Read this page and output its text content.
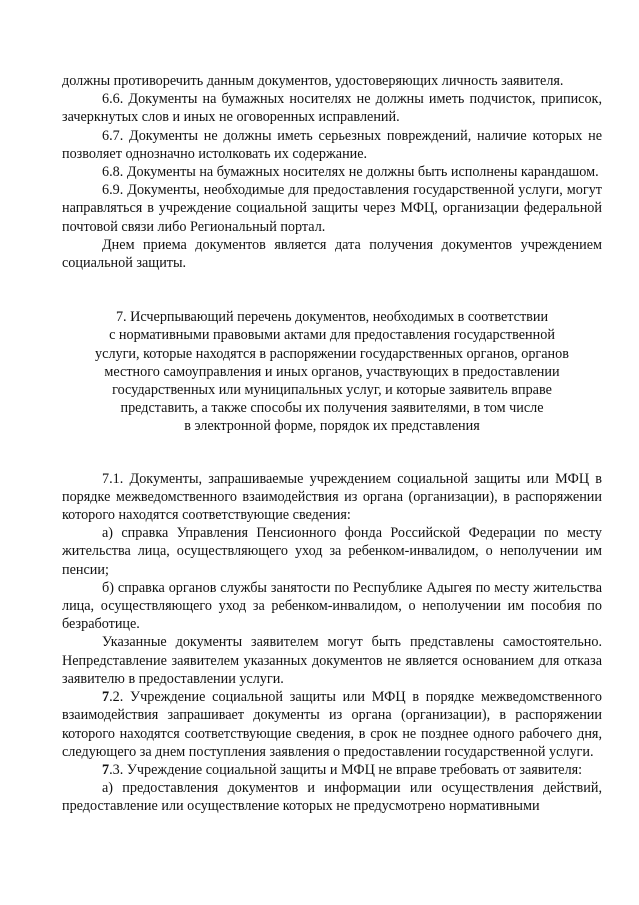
должны противоречить данным документов, удостоверяющих личность заявителя.

6.6. Документы на бумажных носителях не должны иметь подчисток, приписок, зачеркнутых слов и иных не оговоренных исправлений.

6.7. Документы не должны иметь серьезных повреждений, наличие которых не позволяет однозначно истолковать их содержание.

6.8. Документы на бумажных носителях не должны быть исполнены карандашом.

6.9. Документы, необходимые для предоставления государственной услуги, могут направляться в учреждение социальной защиты через МФЦ, организации федеральной почтовой связи либо Региональный портал.

Днем приема документов является дата получения документов учреждением социальной защиты.

7. Исчерпывающий перечень документов, необходимых в соответствии
с нормативными правовыми актами для предоставления государственной
услуги, которые находятся в распоряжении государственных органов, органов
местного самоуправления и иных органов, участвующих в предоставлении
государственных или муниципальных услуг, и которые заявитель вправе
представить, а также способы их получения заявителями, в том числе
в электронной форме, порядок их представления

7.1. Документы, запрашиваемые учреждением социальной защиты или МФЦ в порядке межведомственного взаимодействия из органа (организации), в распоряжении которого находятся соответствующие сведения:

а) справка Управления Пенсионного фонда Российской Федерации по месту жительства лица, осуществляющего уход за ребенком-инвалидом, о неполучении им пенсии;

б) справка органов службы занятости по Республике Адыгея по месту жительства лица, осуществляющего уход за ребенком-инвалидом, о неполучении им пособия по безработице.

Указанные документы заявителем могут быть представлены самостоятельно. Непредставление заявителем указанных документов не является основанием для отказа заявителю в предоставлении услуги.

7.2. Учреждение социальной защиты или МФЦ в порядке межведомственного взаимодействия запрашивает документы из органа (организации), в распоряжении которого находятся соответствующие сведения, в срок не позднее одного рабочего дня, следующего за днем поступления заявления о предоставлении государственной услуги.

7.3. Учреждение социальной защиты и МФЦ не вправе требовать от заявителя:

а) предоставления документов и информации или осуществления действий, предоставление или осуществление которых не предусмотрено нормативными
